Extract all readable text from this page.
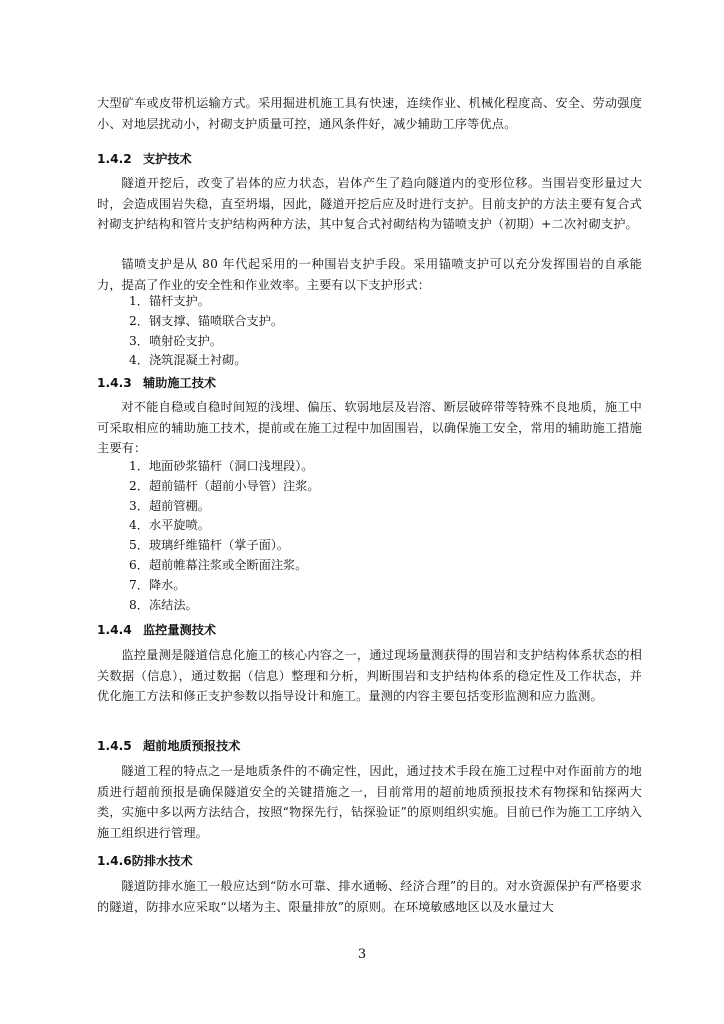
大型矿车或皮带机运输方式。采用掘进机施工具有快速，连续作业、机械化程度高、安全、劳动强度小、对地层扰动小，衬砌支护质量可控，通风条件好，减少辅助工序等优点。
1.4.2 支护技术
隧道开挖后，改变了岩体的应力状态，岩体产生了趋向隧道内的变形位移。当围岩变形量过大时，会造成围岩失稳，直至坍塌，因此，隧道开挖后应及时进行支护。目前支护的方法主要有复合式衬砌支护结构和管片支护结构两种方法，其中复合式衬砌结构为锚喷支护（初期）+二次衬砌支护。
锚喷支护是从 80 年代起采用的一种围岩支护手段。采用锚喷支护可以充分发挥围岩的自承能力，提高了作业的安全性和作业效率。主要有以下支护形式：
1．锚杆支护。
2．钢支撑、锚喷联合支护。
3．喷射砼支护。
4．浇筑混凝土衬砌。
1.4.3 辅助施工技术
对不能自稳或自稳时间短的浅埋、偏压、软弱地层及岩溶、断层破碎带等特殊不良地质，施工中可采取相应的辅助施工技术，提前或在施工过程中加固围岩，以确保施工安全，常用的辅助施工措施主要有：
1．地面砂浆锚杆（洞口浅埋段）。
2．超前锚杆（超前小导管）注浆。
3．超前管棚。
4．水平旋喷。
5．玻璃纤维锚杆（掌子面）。
6．超前帷幕注浆或全断面注浆。
7．降水。
8．冻结法。
1.4.4 监控量测技术
监控量测是隧道信息化施工的核心内容之一，通过现场量测获得的围岩和支护结构体系状态的相关数据（信息），通过数据（信息）整理和分析，判断围岩和支护结构体系的稳定性及工作状态，并优化施工方法和修正支护参数以指导设计和施工。量测的内容主要包括变形监测和应力监测。
1.4.5 超前地质预报技术
隧道工程的特点之一是地质条件的不确定性，因此，通过技术手段在施工过程中对作面前方的地质进行超前预报是确保隧道安全的关键措施之一，目前常用的超前地质预报技术有物探和钻探两大类，实施中多以两方法结合，按照“物探先行，钻探验证”的原则组织实施。目前已作为施工工序纳入施工组织进行管理。
1.4.6防排水技术
隧道防排水施工一般应达到“防水可靠、排水通畅、经济合理”的目的。对水资源保护有严格要求的隧道，防排水应采取“以堵为主、限量排放”的原则。在环境敏感地区以及水量过大
3
